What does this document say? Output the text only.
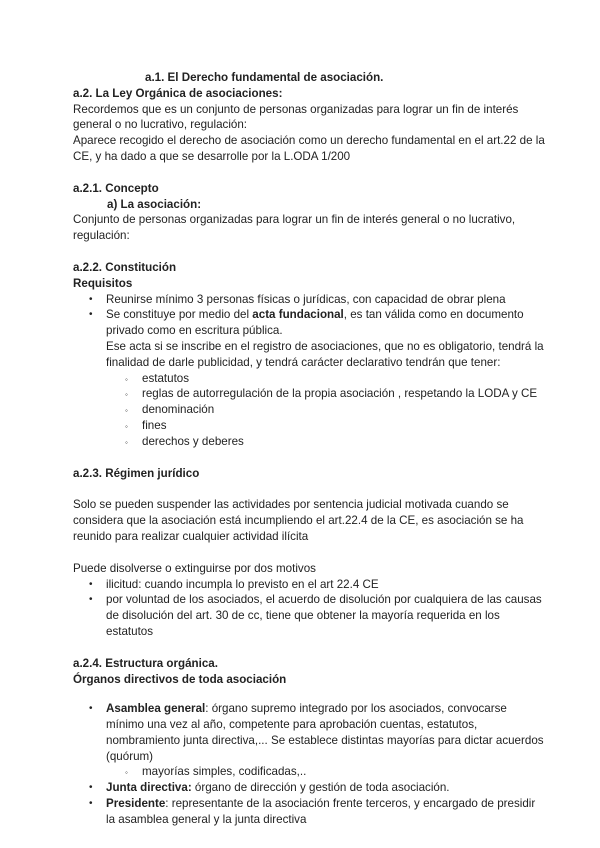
a.1. El Derecho fundamental de asociación.
a.2. La Ley Orgánica de asociaciones:
Recordemos que es un conjunto de personas organizadas para lograr un fin de interés
general o no lucrativo, regulación:
Aparece recogido el derecho de asociación como un derecho fundamental en el art.22 de la
CE, y ha dado a que se desarrolle por la L.ODA 1/200
a.2.1. Concepto
a) La asociación:
Conjunto de personas organizadas para lograr un fin de interés general o no lucrativo,
regulación:
a.2.2. Constitución
Requisitos
• Reunirse mínimo 3 personas físicas o jurídicas, con capacidad de obrar plena
• Se constituye por medio del acta fundacional, es tan válida como en documento
privado como en escritura pública.
Ese acta si se inscribe en el registro de asociaciones, que no es obligatorio, tendrá la
finalidad de darle publicidad, y tendrá carácter declarativo tendrán que tener:
◦ estatutos
◦ reglas de autorregulación de la propia asociación , respetando la LODA y CE
◦ denominación
◦ fines
◦ derechos y deberes
a.2.3. Régimen jurídico
Solo se pueden suspender las actividades por sentencia judicial motivada cuando se
considera que la asociación está incumpliendo el art.22.4 de la CE, es asociación se ha
reunido para realizar cualquier actividad ilícita
Puede disolverse o extinguirse por dos motivos
• ilicitud: cuando incumpla lo previsto en el art 22.4 CE
• por voluntad de los asociados, el acuerdo de disolución por cualquiera de las causas
de disolución del art. 30 de cc, tiene que obtener la mayoría requerida en los
estatutos
a.2.4. Estructura orgánica.
Órganos directivos de toda asociación
• Asamblea general: órgano supremo integrado por los asociados, convocarse
mínimo una vez al año, competente para aprobación cuentas, estatutos,
nombramiento junta directiva,... Se establece distintas mayorías para dictar acuerdos
(quórum)
◦ mayorías simples, codificadas,..
• Junta directiva: órgano de dirección y gestión de toda asociación.
• Presidente: representante de la asociación frente terceros, y encargado de presidir
la asamblea general y la junta directiva
